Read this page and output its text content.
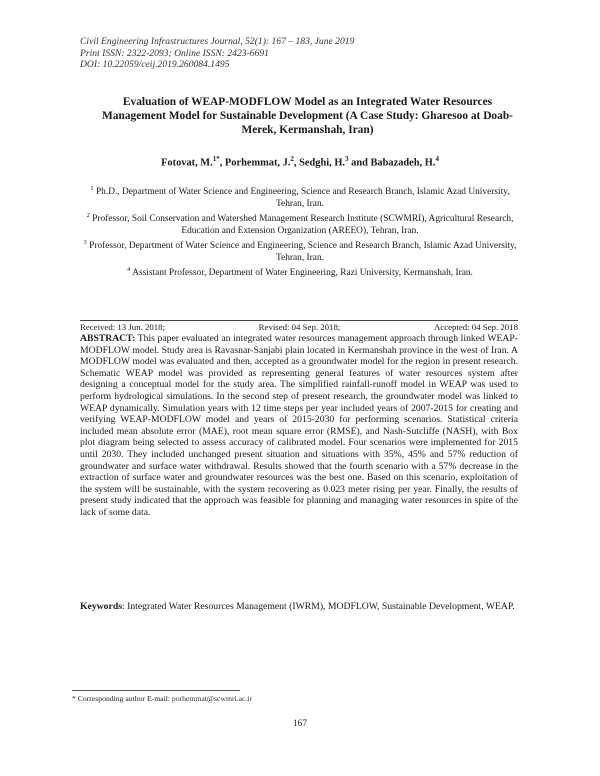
Civil Engineering Infrastructures Journal, 52(1): 167 – 183, June 2019
Print ISSN: 2322-2093; Online ISSN: 2423-6691
DOI: 10.22059/ceij.2019.260084.1495
Evaluation of WEAP-MODFLOW Model as an Integrated Water Resources Management Model for Sustainable Development (A Case Study: Gharesoo at Doab-Merek, Kermanshah, Iran)
Fotovat, M.$^{1*}$, Porhemmat, J.$^2$, Sedghi, H.$^3$ and Babazadeh, H.$^4$
$^1$ Ph.D., Department of Water Science and Engineering, Science and Research Branch, Islamic Azad University, Tehran, Iran.
$^2$ Professor, Soil Conservation and Watershed Management Research Institute (SCWMRI), Agricultural Research, Education and Extension Organization (AREEO), Tehran, Iran.
$^3$ Professor, Department of Water Science and Engineering, Science and Research Branch, Islamic Azad University, Tehran, Iran.
$^4$ Assistant Professor, Department of Water Engineering, Razi University, Kermanshah, Iran.
Received: 13 Jun. 2018;	Revised: 04 Sep. 2018;	Accepted: 04 Sep. 2018
ABSTRACT: This paper evaluated an integrated water resources management approach through linked WEAP-MODFLOW model. Study area is Ravasnar-Sanjabi plain located in Kermanshah province in the west of Iran. A MODFLOW model was evaluated and then, accepted as a groundwater model for the region in present research. Schematic WEAP model was provided as representing general features of water resources system after designing a conceptual model for the study area. The simplified rainfall-runoff model in WEAP was used to perform hydrological simulations. In the second step of present research, the groundwater model was linked to WEAP dynamically. Simulation years with 12 time steps per year included years of 2007-2015 for creating and verifying WEAP-MODFLOW model and years of 2015-2030 for performing scenarios. Statistical criteria included mean absolute error (MAE), root mean square error (RMSE), and Nash-Sutcliffe (NASH), with Box plot diagram being selected to assess accuracy of calibrated model. Four scenarios were implemented for 2015 until 2030. They included unchanged present situation and situations with 35%, 45% and 57% reduction of groundwater and surface water withdrawal. Results showed that the fourth scenario with a 57% decrease in the extraction of surface water and groundwater resources was the best one. Based on this scenario, exploitation of the system will be sustainable, with the system recovering as 0.023 meter rising per year. Finally, the results of present study indicated that the approach was feasible for planning and managing water resources in spite of the lack of some data.
Keywords: Integrated Water Resources Management (IWRM), MODFLOW, Sustainable Development, WEAP.
* Corresponding author E-mail: porhemmat@scwmri.ac.ir
167
